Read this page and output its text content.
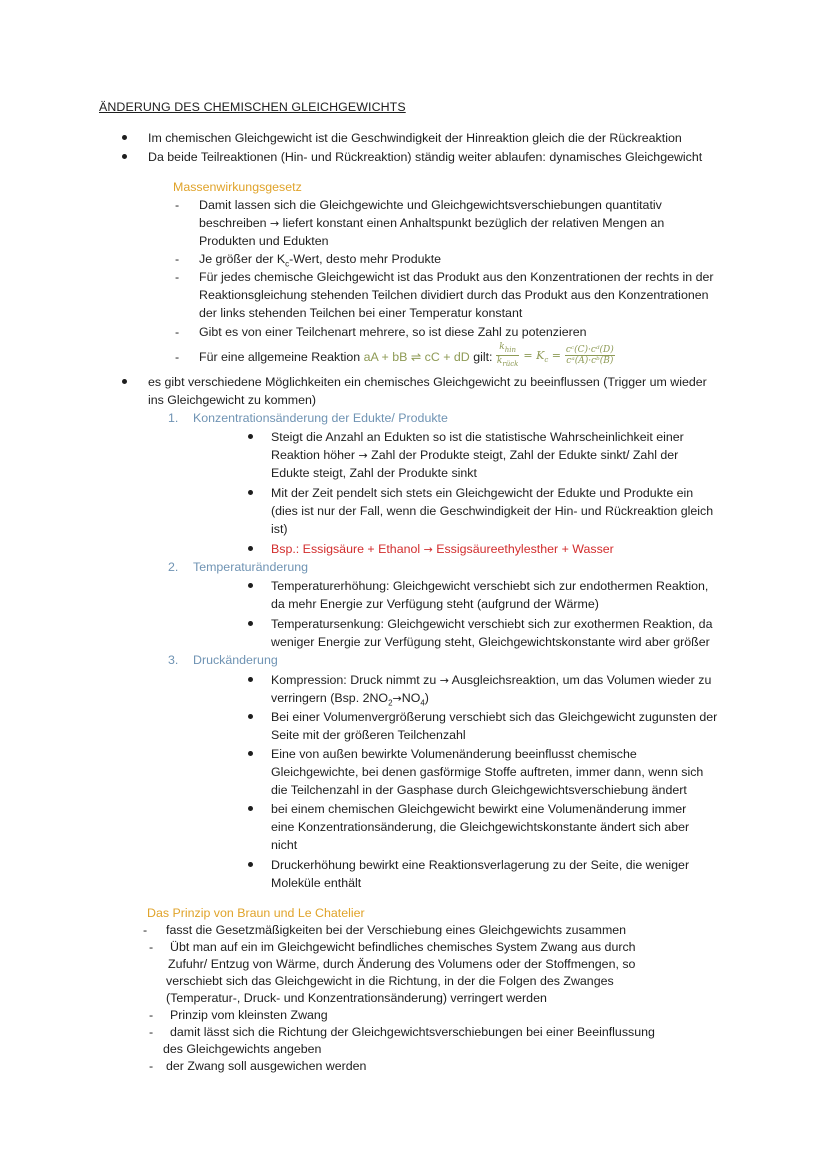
ÄNDERUNG DES CHEMISCHEN GLEICHGEWICHTS
Im chemischen Gleichgewicht ist die Geschwindigkeit der Hinreaktion gleich die der Rückreaktion
Da beide Teilreaktionen (Hin- und Rückreaktion) ständig weiter ablaufen: dynamisches Gleichgewicht
Massenwirkungsgesetz
- Damit lassen sich die Gleichgewichte und Gleichgewichtsverschiebungen quantitativ
beschreiben → liefert konstant einen Anhaltspunkt bezüglich der relativen Mengen an
Produkten und Edukten
- Je größer der $K_c$-Wert, desto mehr Produkte
- Für jedes chemische Gleichgewicht ist das Produkt aus den Konzentrationen der rechts in der
Reaktionsgleichung stehenden Teilchen dividiert durch das Produkt aus den Konzentrationen
der links stehenden Teilchen bei einer Temperatur konstant
- Gibt es von einer Teilchenart mehrere, so ist diese Zahl zu potenzieren
- Für eine allgemeine Reaktion aA + bB ⇌ cC + dD gilt: $\frac{k_{hin}}{k_{rück}} = K_c = \frac{\text{cᶜ(C)·cᵈ(D)}}{\text{cᵃ(A)·cᵇ(B)}}$
es gibt verschiedene Möglichkeiten ein chemisches Gleichgewicht zu beeinflussen (Trigger um wieder
ins Gleichgewicht zu kommen)
1. Konzentrationsänderung der Edukte/ Produkte
Steigt die Anzahl an Edukten so ist die statistische Wahrscheinlichkeit einer
Reaktion höher → Zahl der Produkte steigt, Zahl der Edukte sinkt/ Zahl der
Edukte steigt, Zahl der Produkte sinkt
Mit der Zeit pendelt sich stets ein Gleichgewicht der Edukte und Produkte ein
(dies ist nur der Fall, wenn die Geschwindigkeit der Hin- und Rückreaktion gleich
ist)
Bsp.: Essigsäure + Ethanol → Essigsäureethylesther + Wasser
2. Temperaturänderung
Temperaturerhöhung: Gleichgewicht verschiebt sich zur endothermen Reaktion,
da mehr Energie zur Verfügung steht (aufgrund der Wärme)
Temperatursenkung: Gleichgewicht verschiebt sich zur exothermen Reaktion, da
weniger Energie zur Verfügung steht, Gleichgewichtskonstante wird aber größer
3. Druckänderung
Kompression: Druck nimmt zu → Ausgleichsreaktion, um das Volumen wieder zu
verringern (Bsp. $2NO_2\to NO_4$)
Bei einer Volumenvergrößerung verschiebt sich das Gleichgewicht zugunsten der
Seite mit der größeren Teilchenzahl
Eine von außen bewirkte Volumenänderung beeinflusst chemische
Gleichgewichte, bei denen gasförmige Stoffe auftreten, immer dann, wenn sich
die Teilchenzahl in der Gasphase durch Gleichgewichtsverschiebung ändert
bei einem chemischen Gleichgewicht bewirkt eine Volumenänderung immer
eine Konzentrationsänderung, die Gleichgewichtskonstante ändert sich aber
nicht
Druckerhöhung bewirkt eine Reaktionsverlagerung zu der Seite, die weniger
Moleküle enthält
Das Prinzip von Braun und Le Chatelier
- fasst die Gesetzmäßigkeiten bei der Verschiebung eines Gleichgewichts zusammen
- Übt man auf ein im Gleichgewicht befindliches chemisches System Zwang aus durch
Zufuhr/ Entzug von Wärme, durch Änderung des Volumens oder der Stoffmengen, so
verschiebt sich das Gleichgewicht in die Richtung, in der die Folgen des Zwanges
(Temperatur-, Druck- und Konzentrationsänderung) verringert werden
- Prinzip vom kleinsten Zwang
- damit lässt sich die Richtung der Gleichgewichtsverschiebungen bei einer Beeinflussung
des Gleichgewichts angeben
- der Zwang soll ausgewichen werden
